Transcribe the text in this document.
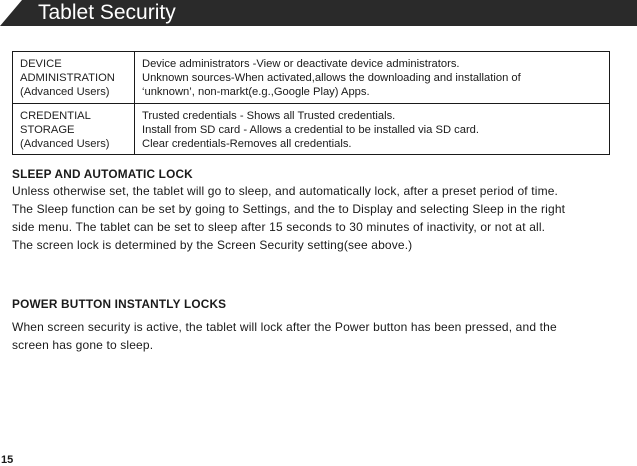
Tablet Security
DEVICE
ADMINISTRATION
(Advanced Users)	Device administrators -View or deactivate device administrators.
Unknown sources-When activated,allows the downloading and installation of
‘unknown’, non-markt(e.g.,Google Play) Apps.

CREDENTIAL
STORAGE
(Advanced Users)	Trusted credentials - Shows all Trusted credentials.
Install from SD card - Allows a credential to be installed via SD card.
Clear credentials-Removes all credentials.
SLEEP AND AUTOMATIC LOCK
Unless otherwise set, the tablet will go to sleep, and automatically lock, after a preset period of time.
The Sleep function can be set by going to Settings, and the to Display and selecting Sleep in the right
side menu. The tablet can be set to sleep after 15 seconds to 30 minutes of inactivity, or not at all.
The screen lock is determined by the Screen Security setting(see above.)
POWER BUTTON INSTANTLY LOCKS
When screen security is active, the tablet will lock after the Power button has been pressed, and the
screen has gone to sleep.
15
